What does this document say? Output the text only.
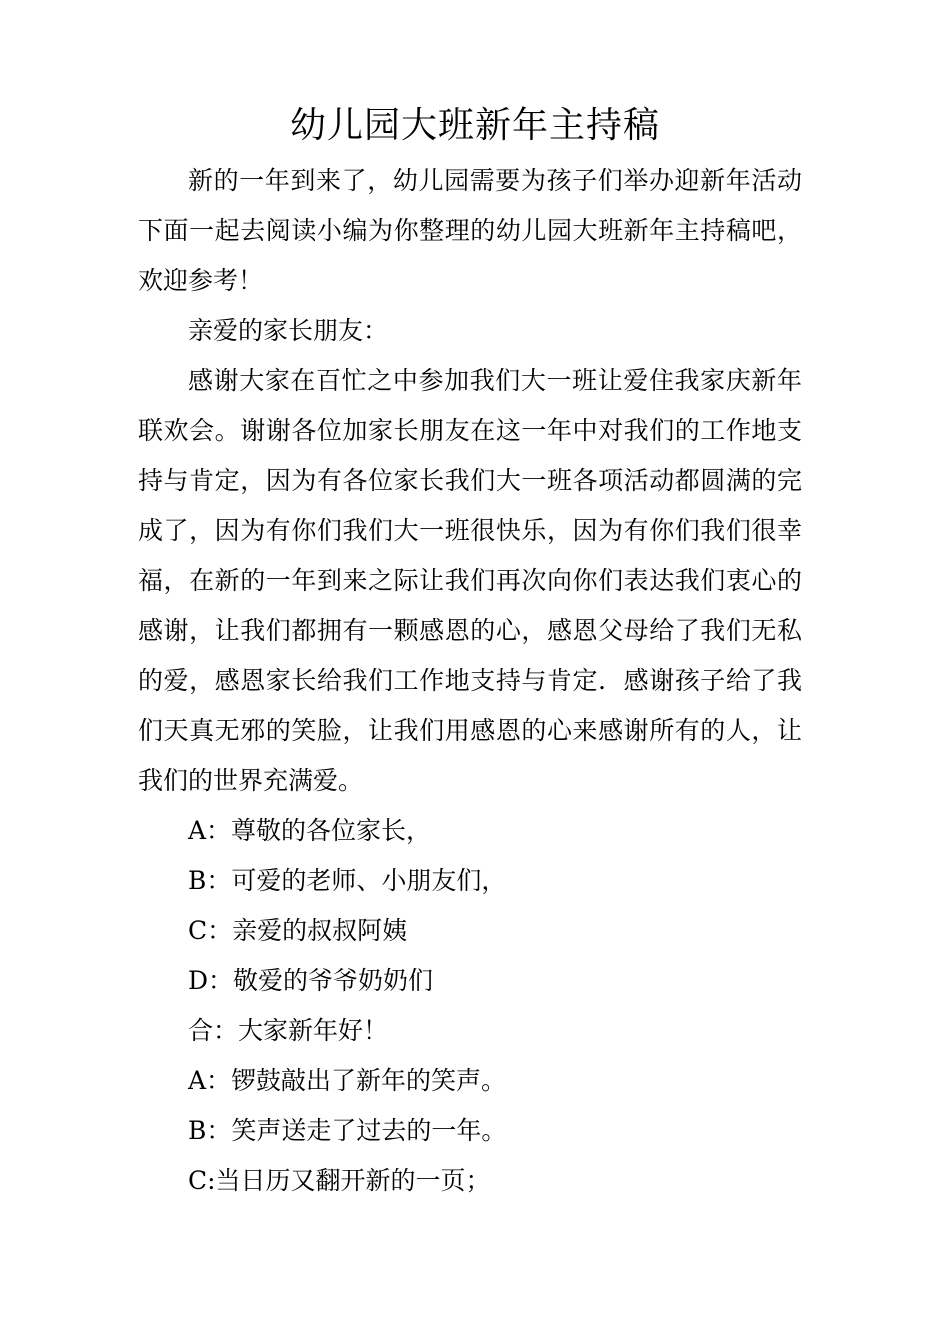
幼儿园大班新年主持稿

新的一年到来了，幼儿园需要为孩子们举办迎新年活动下面一起去阅读小编为你整理的幼儿园大班新年主持稿吧，欢迎参考！

亲爱的家长朋友：

感谢大家在百忙之中参加我们大一班让爱住我家庆新年联欢会。谢谢各位加家长朋友在这一年中对我们的工作地支持与肯定，因为有各位家长我们大一班各项活动都圆满的完成了，因为有你们我们大一班很快乐，因为有你们我们很幸福，在新的一年到来之际让我们再次向你们表达我们衷心的感谢，让我们都拥有一颗感恩的心，感恩父母给了我们无私的爱，感恩家长给我们工作地支持与肯定．感谢孩子给了我们天真无邪的笑脸，让我们用感恩的心来感谢所有的人，让我们的世界充满爱。

A：尊敬的各位家长，

B：可爱的老师、小朋友们，

C：亲爱的叔叔阿姨

D：敬爱的爷爷奶奶们

合：大家新年好！

A：锣鼓敲出了新年的笑声。

B：笑声送走了过去的一年。

C:当日历又翻开新的一页；
